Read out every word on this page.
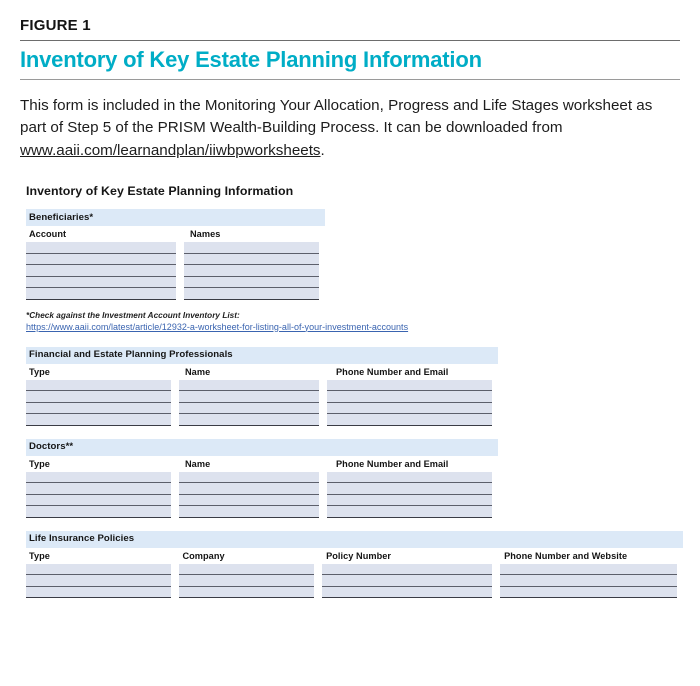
FIGURE 1
Inventory of Key Estate Planning Information

This form is included in the Monitoring Your Allocation, Progress and Life Stages worksheet as part of Step 5 of the PRISM Wealth-Building Process. It can be downloaded from www.aaii.com/learnandplan/iiwbpworksheets.

Inventory of Key Estate Planning Information
Beneficiaries*
Account	Names
*Check against the Investment Account Inventory List:
https://www.aaii.com/latest/article/12932-a-worksheet-for-listing-all-of-your-investment-accounts
Financial and Estate Planning Professionals
Type	Name	Phone Number and Email
Doctors**
Type	Name	Phone Number and Email
Life Insurance Policies
Type	Company	Policy Number	Phone Number and Website
